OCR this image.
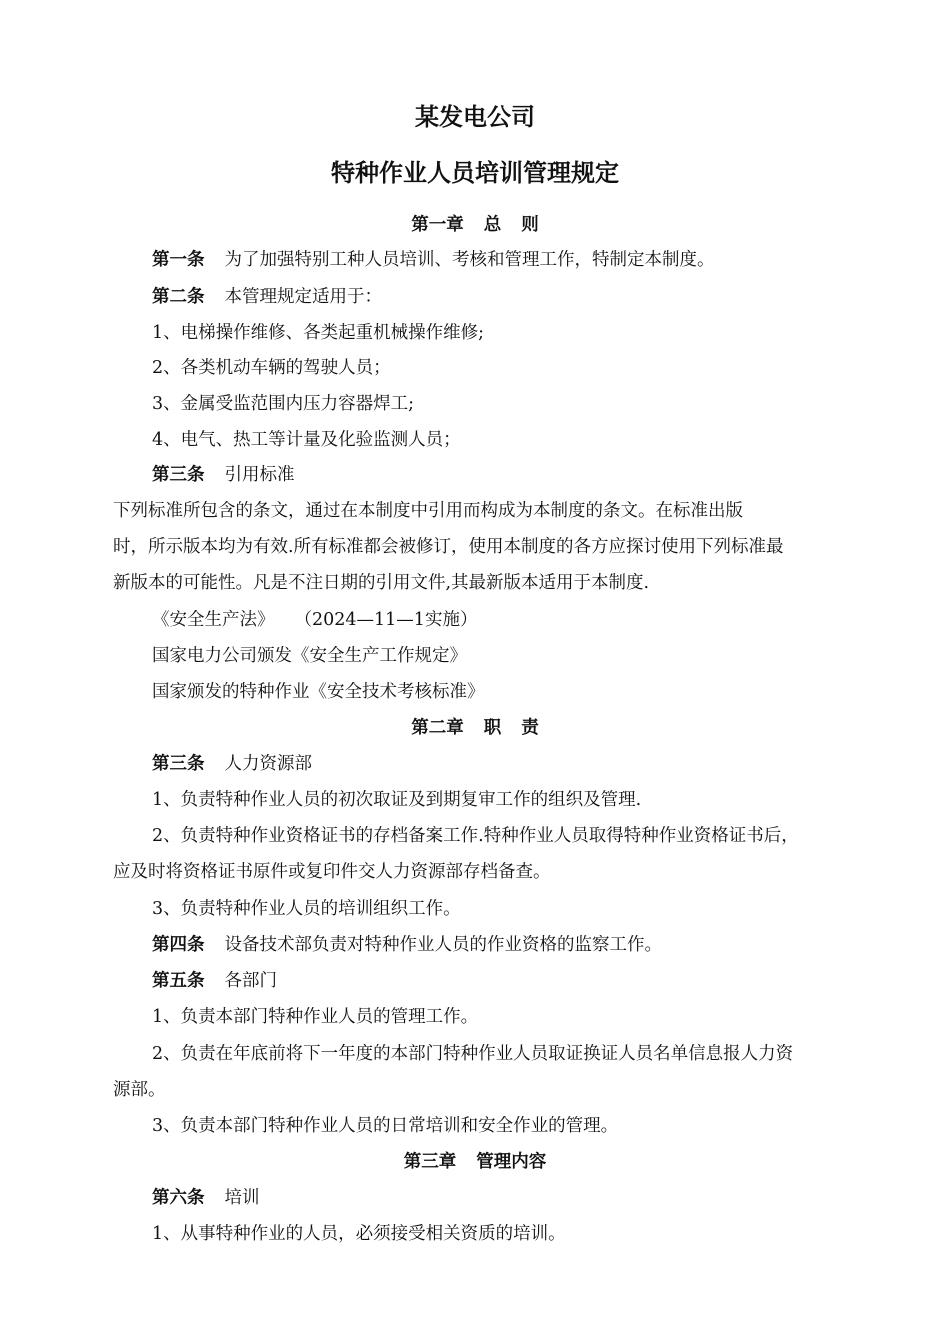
某发电公司
特种作业人员培训管理规定
第一章 总 则
第一条 为了加强特别工种人员培训、考核和管理工作，特制定本制度。
第二条 本管理规定适用于：
1、电梯操作维修、各类起重机械操作维修;
2、各类机动车辆的驾驶人员；
3、金属受监范围内压力容器焊工;
4、电气、热工等计量及化验监测人员；
第三条 引用标准
下列标准所包含的条文，通过在本制度中引用而构成为本制度的条文。在标准出版
时，所示版本均为有效.所有标准都会被修订，使用本制度的各方应探讨使用下列标准最
新版本的可能性。凡是不注日期的引用文件,其最新版本适用于本制度.
《安全生产法》 （2024—11—1实施）
国家电力公司颁发《安全生产工作规定》
国家颁发的特种作业《安全技术考核标准》
第二章 职 责
第三条 人力资源部
1、负责特种作业人员的初次取证及到期复审工作的组织及管理.
2、负责特种作业资格证书的存档备案工作.特种作业人员取得特种作业资格证书后，
应及时将资格证书原件或复印件交人力资源部存档备查。
3、负责特种作业人员的培训组织工作。
第四条 设备技术部负责对特种作业人员的作业资格的监察工作。
第五条 各部门
1、负责本部门特种作业人员的管理工作。
2、负责在年底前将下一年度的本部门特种作业人员取证换证人员名单信息报人力资
源部。
3、负责本部门特种作业人员的日常培训和安全作业的管理。
第三章 管理内容
第六条 培训
1、从事特种作业的人员，必须接受相关资质的培训。
